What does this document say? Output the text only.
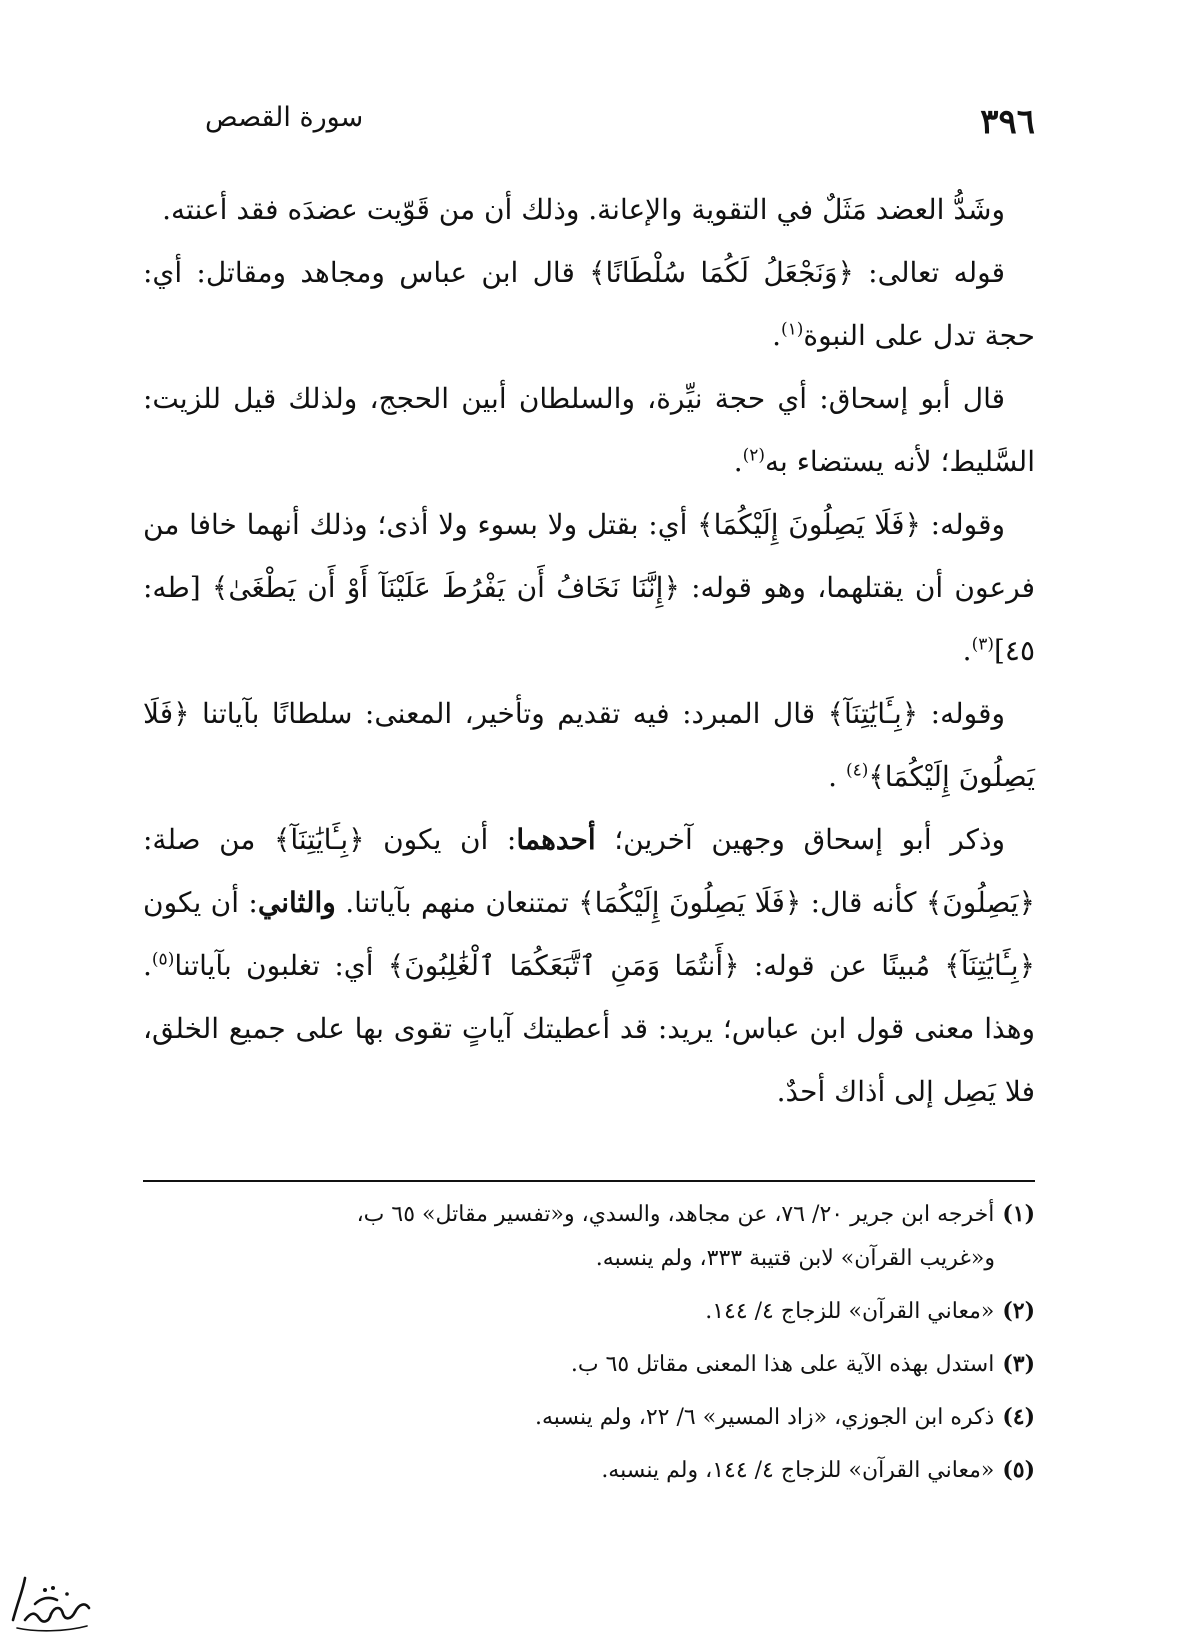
٣٩٦
سورة القصص

وشَدُّ العضد مَثَلٌ في التقوية والإعانة. وذلك أن من قَوّيت عضدَه فقد أعنته.

قوله تعالى: ﴿وَنَجْعَلُ لَكُمَا سُلْطَانًا﴾ قال ابن عباس ومجاهد ومقاتل: أي: حجة تدل على النبوة$^{(١)}$.

قال أبو إسحاق: أي حجة نيِّرة، والسلطان أبين الحجج، ولذلك قيل للزيت: السَّليط؛ لأنه يستضاء به$^{(٢)}$.

وقوله: ﴿فَلَا يَصِلُونَ إِلَيْكُمَا﴾ أي: بقتل ولا بسوء ولا أذى؛ وذلك أنهما خافا من فرعون أن يقتلهما، وهو قوله: ﴿إِنَّنَا نَخَافُ أَن يَفْرُطَ عَلَيْنَآ أَوْ أَن يَطْغَىٰ﴾ [طه: ٤٥]$^{(٣)}$.

وقوله: ﴿بِـَٔايَٰتِنَآ﴾ قال المبرد: فيه تقديم وتأخير، المعنى: سلطانًا بآياتنا ﴿فَلَا يَصِلُونَ إِلَيْكُمَا﴾$^{(٤)}$ .

وذكر أبو إسحاق وجهين آخرين؛ أحدهما: أن يكون ﴿بِـَٔايَٰتِنَآ﴾ من صلة: ﴿يَصِلُونَ﴾ كأنه قال: ﴿فَلَا يَصِلُونَ إِلَيْكُمَا﴾ تمتنعان منهم بآياتنا. والثاني: أن يكون ﴿بِـَٔايَٰتِنَآ﴾ مُبينًا عن قوله: ﴿أَنتُمَا وَمَنِ ٱتَّبَعَكُمَا ٱلْغَٰلِبُونَ﴾ أي: تغلبون بآياتنا$^{(٥)}$. وهذا معنى قول ابن عباس؛ يريد: قد أعطيتك آياتٍ تقوى بها على جميع الخلق، فلا يَصِل إلى أذاك أحدٌ.

(١)أخرجه ابن جرير ٢٠/ ٧٦، عن مجاهد، والسدي، و«تفسير مقاتل» ٦٥ ب،
و«غريب القرآن» لابن قتيبة ٣٣٣، ولم ينسبه.

(٢)«معاني القرآن» للزجاج ٤/ ١٤٤.

(٣)استدل بهذه الآية على هذا المعنى مقاتل ٦٥ ب.

(٤)ذكره ابن الجوزي، «زاد المسير» ٦/ ٢٢، ولم ينسبه.

(٥)«معاني القرآن» للزجاج ٤/ ١٤٤، ولم ينسبه.
